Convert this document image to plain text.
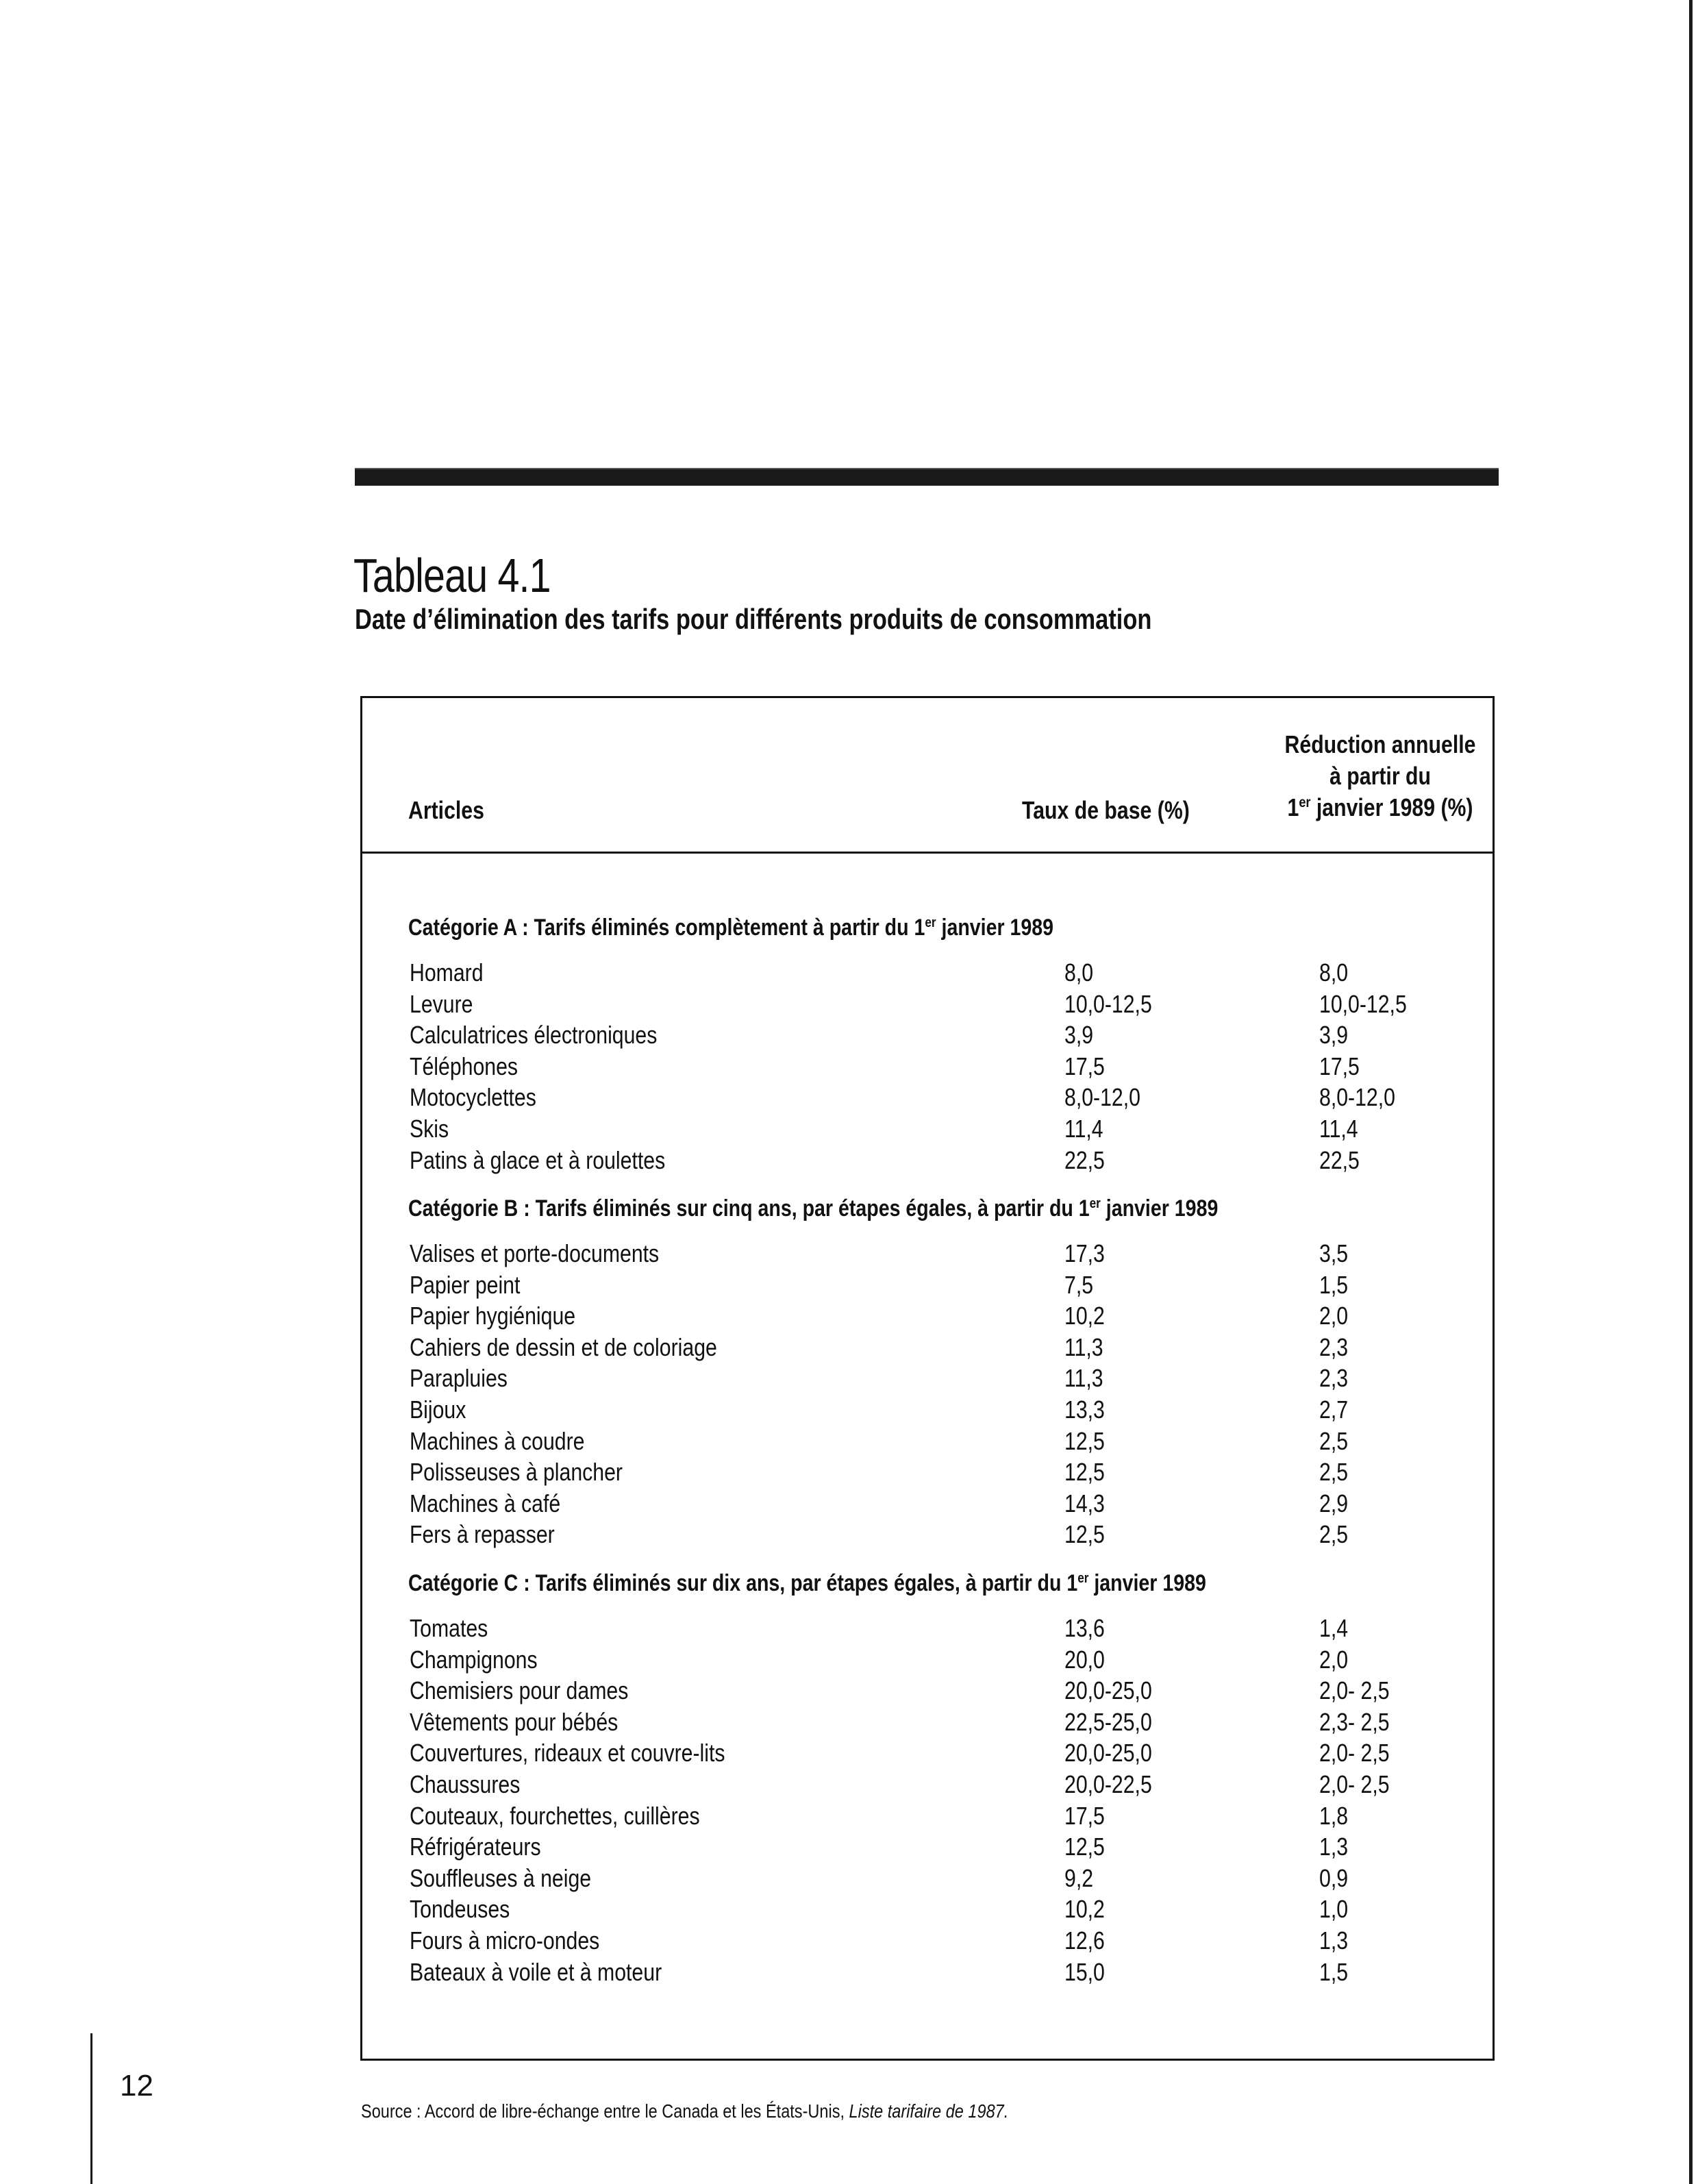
12
Tableau 4.1
Date d’élimination des tarifs pour différents produits de consommation
Articles	Taux de base (%)
Réduction annuelle
à partir du
1er janvier 1989 (%)
Catégorie A : Tarifs éliminés complètement à partir du 1er janvier 1989
Homard	8,0	8,0
Levure	10,0-12,5	10,0-12,5
Calculatrices électroniques	3,9	3,9
Téléphones	17,5	17,5
Motocyclettes	8,0-12,0	8,0-12,0
Skis	11,4	11,4
Patins à glace et à roulettes	22,5	22,5
Catégorie B : Tarifs éliminés sur cinq ans, par étapes égales, à partir du 1er janvier 1989
Valises et porte-documents	17,3	3,5
Papier peint	7,5	1,5
Papier hygiénique	10,2	2,0
Cahiers de dessin et de coloriage	11,3	2,3
Parapluies	11,3	2,3
Bijoux	13,3	2,7
Machines à coudre	12,5	2,5
Polisseuses à plancher	12,5	2,5
Machines à café	14,3	2,9
Fers à repasser	12,5	2,5
Catégorie C : Tarifs éliminés sur dix ans, par étapes égales, à partir du 1er janvier 1989
Tomates	13,6	1,4
Champignons	20,0	2,0
Chemisiers pour dames	20,0-25,0	2,0- 2,5
Vêtements pour bébés	22,5-25,0	2,3- 2,5
Couvertures, rideaux et couvre-lits	20,0-25,0	2,0- 2,5
Chaussures	20,0-22,5	2,0- 2,5
Couteaux, fourchettes, cuillères	17,5	1,8
Réfrigérateurs	12,5	1,3
Souffleuses à neige	9,2	0,9
Tondeuses	10,2	1,0
Fours à micro-ondes	12,6	1,3
Bateaux à voile et à moteur	15,0	1,5
Source : Accord de libre-échange entre le Canada et les États-Unis, Liste tarifaire de 1987.
